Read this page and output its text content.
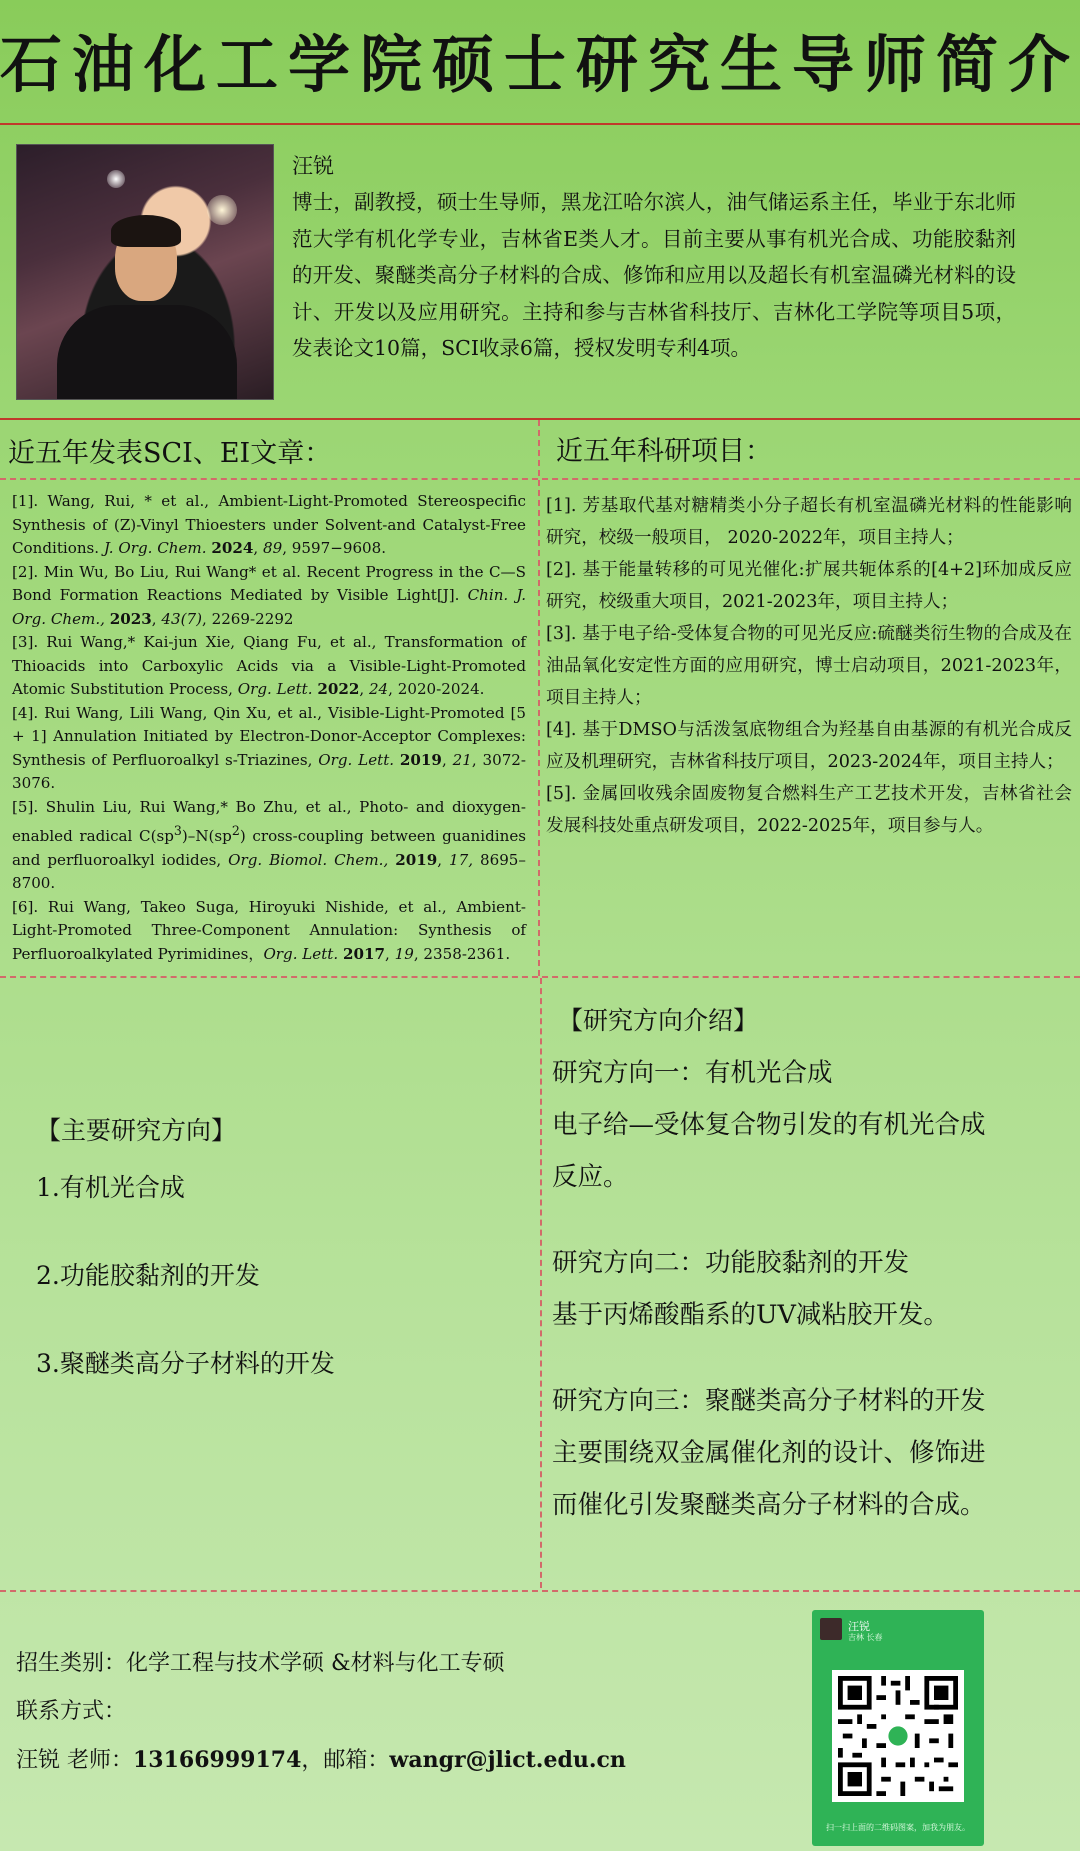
石油化工学院硕士研究生导师简介
汪锐
博士，副教授，硕士生导师，黑龙江哈尔滨人，油气储运系主任，毕业于东北师范大学有机化学专业，吉林省E类人才。目前主要从事有机光合成、功能胶黏剂的开发、聚醚类高分子材料的合成、修饰和应用以及超长有机室温磷光材料的设计、开发以及应用研究。主持和参与吉林省科技厅、吉林化工学院等项目5项，发表论文10篇，SCI收录6篇，授权发明专利4项。
近五年发表SCI、EI文章：	近五年科研项目：

[1]. Wang, Rui, * et al., Ambient-Light-Promoted Stereospecific Synthesis of (Z)-Vinyl Thioesters under Solvent-and Catalyst-Free Conditions. J. Org. Chem. 2024, 89, 9597−9608.

[2]. Min Wu, Bo Liu, Rui Wang* et al. Recent Progress in the C—S Bond Formation Reactions Mediated by Visible Light[J]. Chin. J. Org. Chem., 2023, 43(7), 2269-2292

[3]. Rui Wang,* Kai-jun Xie, Qiang Fu, et al., Transformation of Thioacids into Carboxylic Acids via a Visible-Light-Promoted Atomic Substitution Process, Org. Lett. 2022, 24, 2020-2024.

[4]. Rui Wang, Lili Wang, Qin Xu, et al., Visible-Light-Promoted [5 + 1] Annulation Initiated by Electron-Donor-Acceptor Complexes: Synthesis of Perfluoroalkyl s-Triazines, Org. Lett. 2019, 21, 3072-3076.

[5]. Shulin Liu, Rui Wang,* Bo Zhu, et al., Photo- and dioxygen-enabled radical $C(sp^3)-N(sp^2)$ cross-coupling between guanidines and perfluoroalkyl iodides, Org. Biomol. Chem., 2019, 17, 8695–8700.

[6]. Rui Wang, Takeo Suga, Hiroyuki Nishide, et al., Ambient-Light-Promoted Three-Component Annulation: Synthesis of Perfluoroalkylated Pyrimidines，Org. Lett. 2017, 19, 2358-2361.

[1]. 芳基取代基对糖精类小分子超长有机室温磷光材料的性能影响研究，校级一般项目， 2020-2022年，项目主持人；

[2]. 基于能量转移的可见光催化:扩展共轭体系的[4+2]环加成反应研究，校级重大项目，2021-2023年，项目主持人；

[3]. 基于电子给-受体复合物的可见光反应:硫醚类衍生物的合成及在油品氧化安定性方面的应用研究，博士启动项目，2021-2023年，项目主持人；

[4]. 基于DMSO与活泼氢底物组合为羟基自由基源的有机光合成反应及机理研究，吉林省科技厅项目，2023-2024年，项目主持人；

[5]. 金属回收残余固废物复合燃料生产工艺技术开发，吉林省社会发展科技处重点研发项目，2022-2025年，项目参与人。

【主要研究方向】
1.有机光合成
2.功能胶黏剂的开发
3.聚醚类高分子材料的开发

【研究方向介绍】

研究方向一：有机光合成

电子给—受体复合物引发的有机光合成

反应。

研究方向二：功能胶黏剂的开发

基于丙烯酸酯系的UV减粘胶开发。

研究方向三：聚醚类高分子材料的开发

主要围绕双金属催化剂的设计、修饰进

而催化引发聚醚类高分子材料的合成。

招生类别：化学工程与技术学硕 &材料与化工专硕

联系方式：

汪锐 老师：13166999174，邮箱：wangr@jlict.edu.cn

汪锐
吉林 长春
扫一扫上面的二维码图案，加我为朋友。
